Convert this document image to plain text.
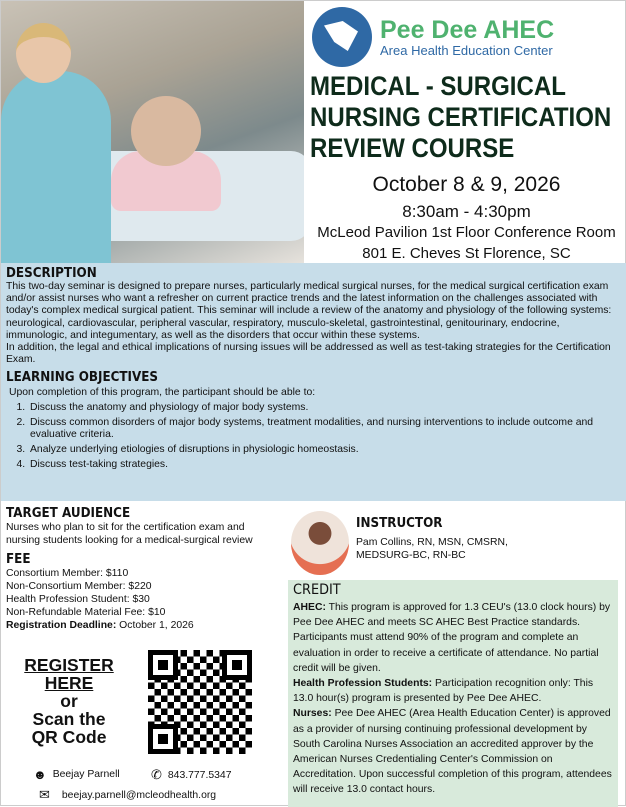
Pee Dee AHEC
Area Health Education Center
MEDICAL - SURGICAL
NURSING CERTIFICATION
REVIEW COURSE
October 8 & 9, 2026
8:30am - 4:30pm
McLeod Pavilion 1st Floor Conference Room
801 E. Cheves St Florence, SC
DESCRIPTION

This two-day seminar is designed to prepare nurses, particularly medical surgical nurses, for the medical surgical certification exam and/or assist nurses who want a refresher on current practice trends and the latest information on the challenges associated with today's complex medical surgical patient. This seminar will include a review of the anatomy and physiology of the following systems: neurological, cardiovascular, peripheral vascular, respiratory, musculo-skeletal, gastrointestinal, genitourinary, endocrine, immunologic, and integumentary, as well as the disorders that occur within these systems.

In addition, the legal and ethical implications of nursing issues will be addressed as well as test-taking strategies for the Certification Exam.

LEARNING OBJECTIVES

Upon completion of this program, the participant should be able to:

1. Discuss the anatomy and physiology of major body systems.
2. Discuss common disorders of major body systems, treatment modalities, and nursing interventions to include outcome and evaluative criteria.
3. Analyze underlying etiologies of disruptions in physiologic homeostasis.
4. Discuss test-taking strategies.
TARGET AUDIENCE

Nurses who plan to sit for the certification exam and nursing students looking for a medical-surgical review

FEE
Consortium Member: $110
Non-Consortium Member: $220
Health Profession Student: $30
Non-Refundable Material Fee: $10
Registration Deadline: October 1, 2026
REGISTER
HERE
or
Scan the
QR Code
☻ Beejay Parnell ✆ 843.777.5347
✉ beejay.parnell@mcleodhealth.org
INSTRUCTOR
Pam Collins, RN, MSN, CMSRN,
MEDSURG-BC, RN-BC
CREDIT

AHEC: This program is approved for 1.3 CEU's (13.0 clock hours) by Pee Dee AHEC and meets SC AHEC Best Practice standards. Participants must attend 90% of the program and complete an evaluation in order to receive a certificate of attendance. No partial credit will be given.

Health Profession Students: Participation recognition only: This 13.0 hour(s) program is presented by Pee Dee AHEC.

Nurses: Pee Dee AHEC (Area Health Education Center) is approved as a provider of nursing continuing professional development by South Carolina Nurses Association an accredited approver by the American Nurses Credentialing Center's Commission on Accreditation. Upon successful completion of this program, attendees will receive 13.0 contact hours.
